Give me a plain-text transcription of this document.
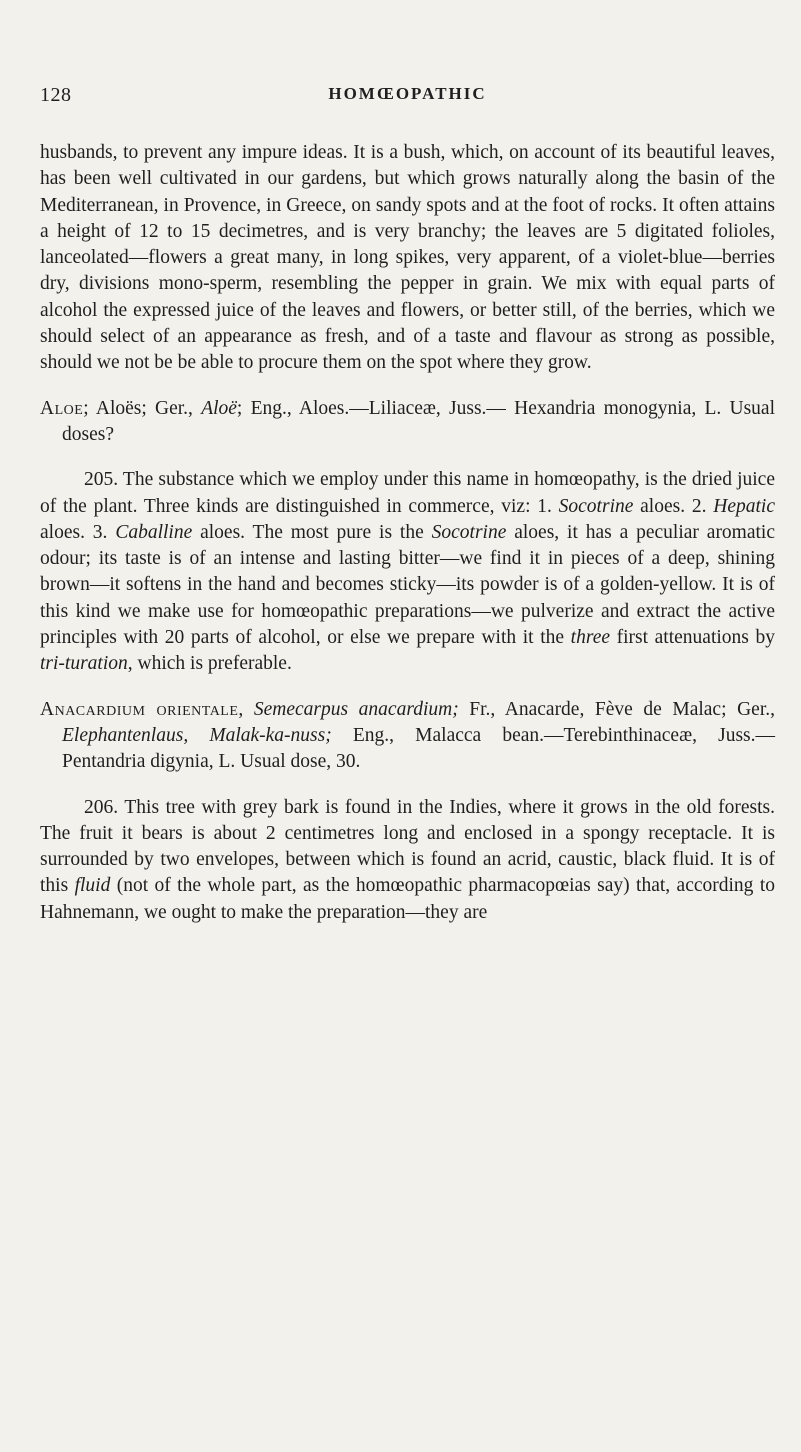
128	HOMŒOPATHIC

husbands, to prevent any impure ideas. It is a bush, which, on account of its beautiful leaves, has been well cultivated in our gardens, but which grows naturally along the basin of the Mediterranean, in Provence, in Greece, on sandy spots and at the foot of rocks. It often attains a height of 12 to 15 decimetres, and is very branchy; the leaves are 5 digitated folioles, lanceolated—flowers a great many, in long spikes, very apparent, of a violet-blue—berries dry, divisions mono-sperm, resembling the pepper in grain. We mix with equal parts of alcohol the expressed juice of the leaves and flowers, or better still, of the berries, which we should select of an appearance as fresh, and of a taste and flavour as strong as possible, should we not be be able to procure them on the spot where they grow.

Aloe; Aloës; Ger., Aloë; Eng., Aloes.—Liliaceæ, Juss.— Hexandria monogynia, L. Usual doses?

205. The substance which we employ under this name in homœopathy, is the dried juice of the plant. Three kinds are distinguished in commerce, viz: 1. Socotrine aloes. 2. Hepatic aloes. 3. Caballine aloes. The most pure is the Socotrine aloes, it has a peculiar aromatic odour; its taste is of an intense and lasting bitter—we find it in pieces of a deep, shining brown—it softens in the hand and becomes sticky—its powder is of a golden-yellow. It is of this kind we make use for homœopathic preparations—we pulverize and extract the active principles with 20 parts of alcohol, or else we prepare with it the three first attenuations by tri-turation, which is preferable.

Anacardium orientale, Semecarpus anacardium; Fr., Anacarde, Fève de Malac; Ger., Elephantenlaus, Malak-ka-nuss; Eng., Malacca bean.—Terebinthinaceæ, Juss.— Pentandria digynia, L. Usual dose, 30.

206. This tree with grey bark is found in the Indies, where it grows in the old forests. The fruit it bears is about 2 centimetres long and enclosed in a spongy receptacle. It is surrounded by two envelopes, between which is found an acrid, caustic, black fluid. It is of this fluid (not of the whole part, as the homœopathic pharmacopœias say) that, according to Hahnemann, we ought to make the preparation—they are
